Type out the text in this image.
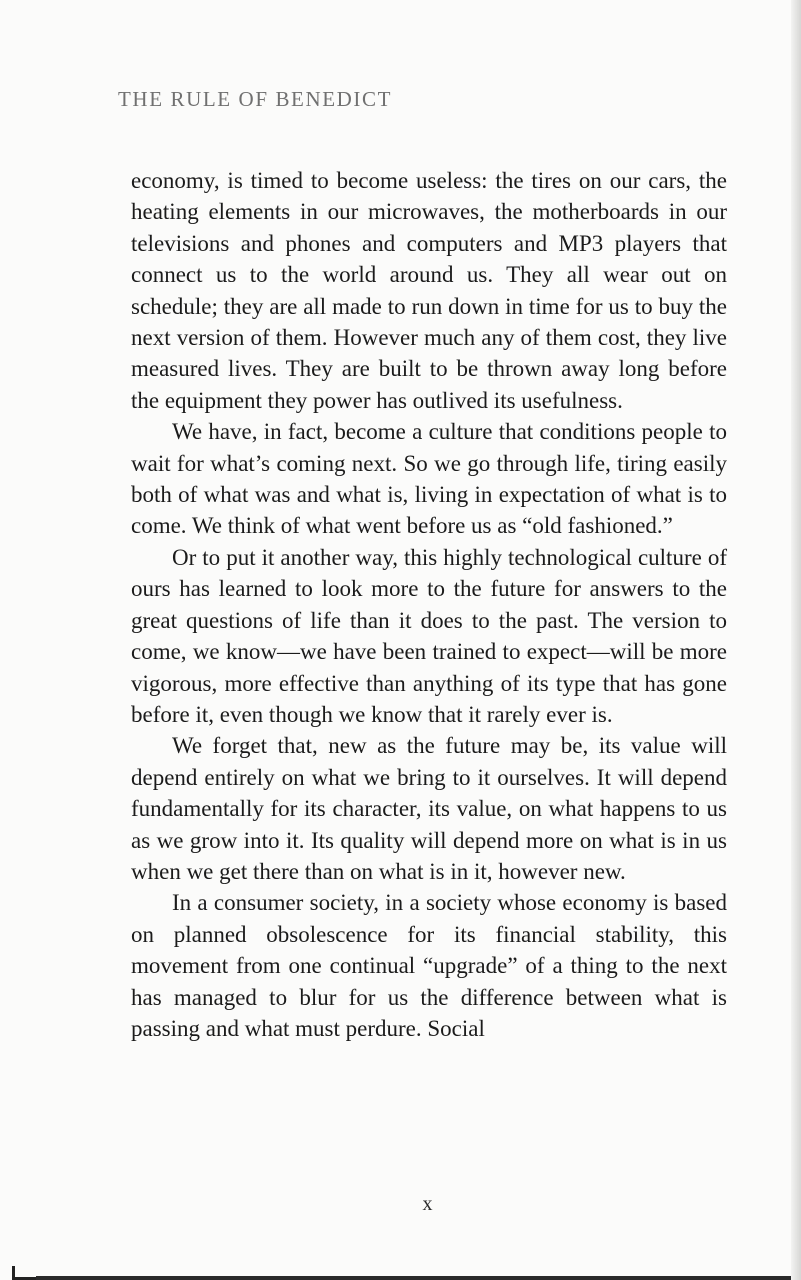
THE RULE OF BENEDICT

economy, is timed to become useless: the tires on our cars, the heating elements in our microwaves, the motherboards in our televisions and phones and computers and MP3 players that connect us to the world around us. They all wear out on schedule; they are all made to run down in time for us to buy the next version of them. However much any of them cost, they live measured lives. They are built to be thrown away long before the equipment they power has outlived its usefulness.

We have, in fact, become a culture that conditions people to wait for what’s coming next. So we go through life, tiring easily both of what was and what is, living in expectation of what is to come. We think of what went before us as “old fashioned.”

Or to put it another way, this highly technological culture of ours has learned to look more to the future for answers to the great questions of life than it does to the past. The version to come, we know—we have been trained to expect—will be more vigorous, more effective than anything of its type that has gone before it, even though we know that it rarely ever is.

We forget that, new as the future may be, its value will depend entirely on what we bring to it ourselves. It will depend fundamentally for its character, its value, on what happens to us as we grow into it. Its quality will depend more on what is in us when we get there than on what is in it, however new.

In a consumer society, in a society whose economy is based on planned obsolescence for its financial stability, this movement from one continual “upgrade” of a thing to the next has managed to blur for us the difference between what is passing and what must perdure. Social

x
